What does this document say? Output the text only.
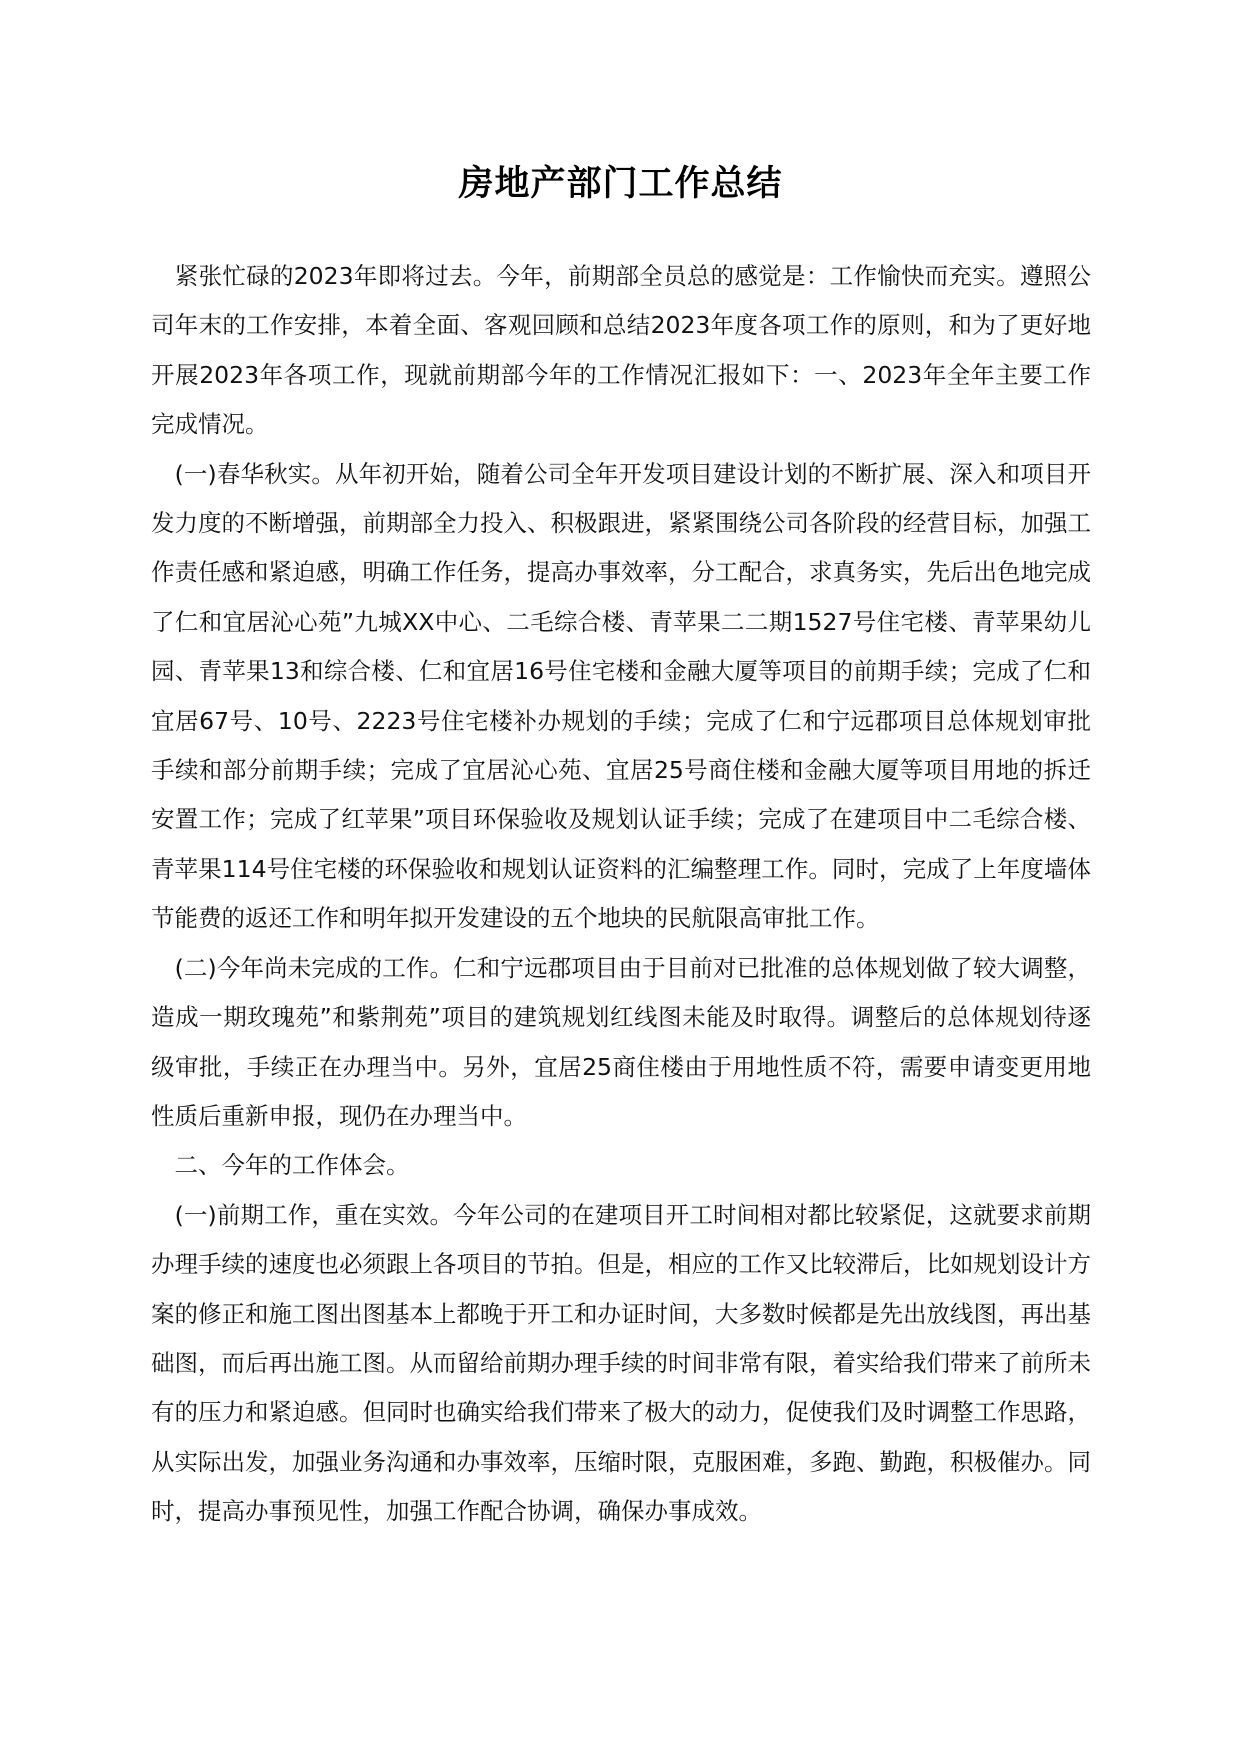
房地产部门工作总结

　紧张忙碌的2023年即将过去。今年，前期部全员总的感觉是：工作愉快而充实。遵照公司年末的工作安排，本着全面、客观回顾和总结2023年度各项工作的原则，和为了更好地开展2023年各项工作，现就前期部今年的工作情况汇报如下：一、2023年全年主要工作完成情况。

　(一)春华秋实。从年初开始，随着公司全年开发项目建设计划的不断扩展、深入和项目开发力度的不断增强，前期部全力投入、积极跟进，紧紧围绕公司各阶段的经营目标，加强工作责任感和紧迫感，明确工作任务，提高办事效率，分工配合，求真务实，先后出色地完成了仁和宜居沁心苑”九城XX中心、二毛综合楼、青苹果二二期1527号住宅楼、青苹果幼儿园、青苹果13和综合楼、仁和宜居16号住宅楼和金融大厦等项目的前期手续；完成了仁和宜居67号、10号、2223号住宅楼补办规划的手续；完成了仁和宁远郡项目总体规划审批手续和部分前期手续；完成了宜居沁心苑、宜居25号商住楼和金融大厦等项目用地的拆迁安置工作；完成了红苹果”项目环保验收及规划认证手续；完成了在建项目中二毛综合楼、青苹果114号住宅楼的环保验收和规划认证资料的汇编整理工作。同时，完成了上年度墙体节能费的返还工作和明年拟开发建设的五个地块的民航限高审批工作。

　(二)今年尚未完成的工作。仁和宁远郡项目由于目前对已批准的总体规划做了较大调整，造成一期玫瑰苑”和紫荆苑”项目的建筑规划红线图未能及时取得。调整后的总体规划待逐级审批，手续正在办理当中。另外，宜居25商住楼由于用地性质不符，需要申请变更用地性质后重新申报，现仍在办理当中。

　二、今年的工作体会。

　(一)前期工作，重在实效。今年公司的在建项目开工时间相对都比较紧促，这就要求前期办理手续的速度也必须跟上各项目的节拍。但是，相应的工作又比较滞后，比如规划设计方案的修正和施工图出图基本上都晚于开工和办证时间，大多数时候都是先出放线图，再出基础图，而后再出施工图。从而留给前期办理手续的时间非常有限，着实给我们带来了前所未有的压力和紧迫感。但同时也确实给我们带来了极大的动力，促使我们及时调整工作思路，从实际出发，加强业务沟通和办事效率，压缩时限，克服困难，多跑、勤跑，积极催办。同时，提高办事预见性，加强工作配合协调，确保办事成效。
